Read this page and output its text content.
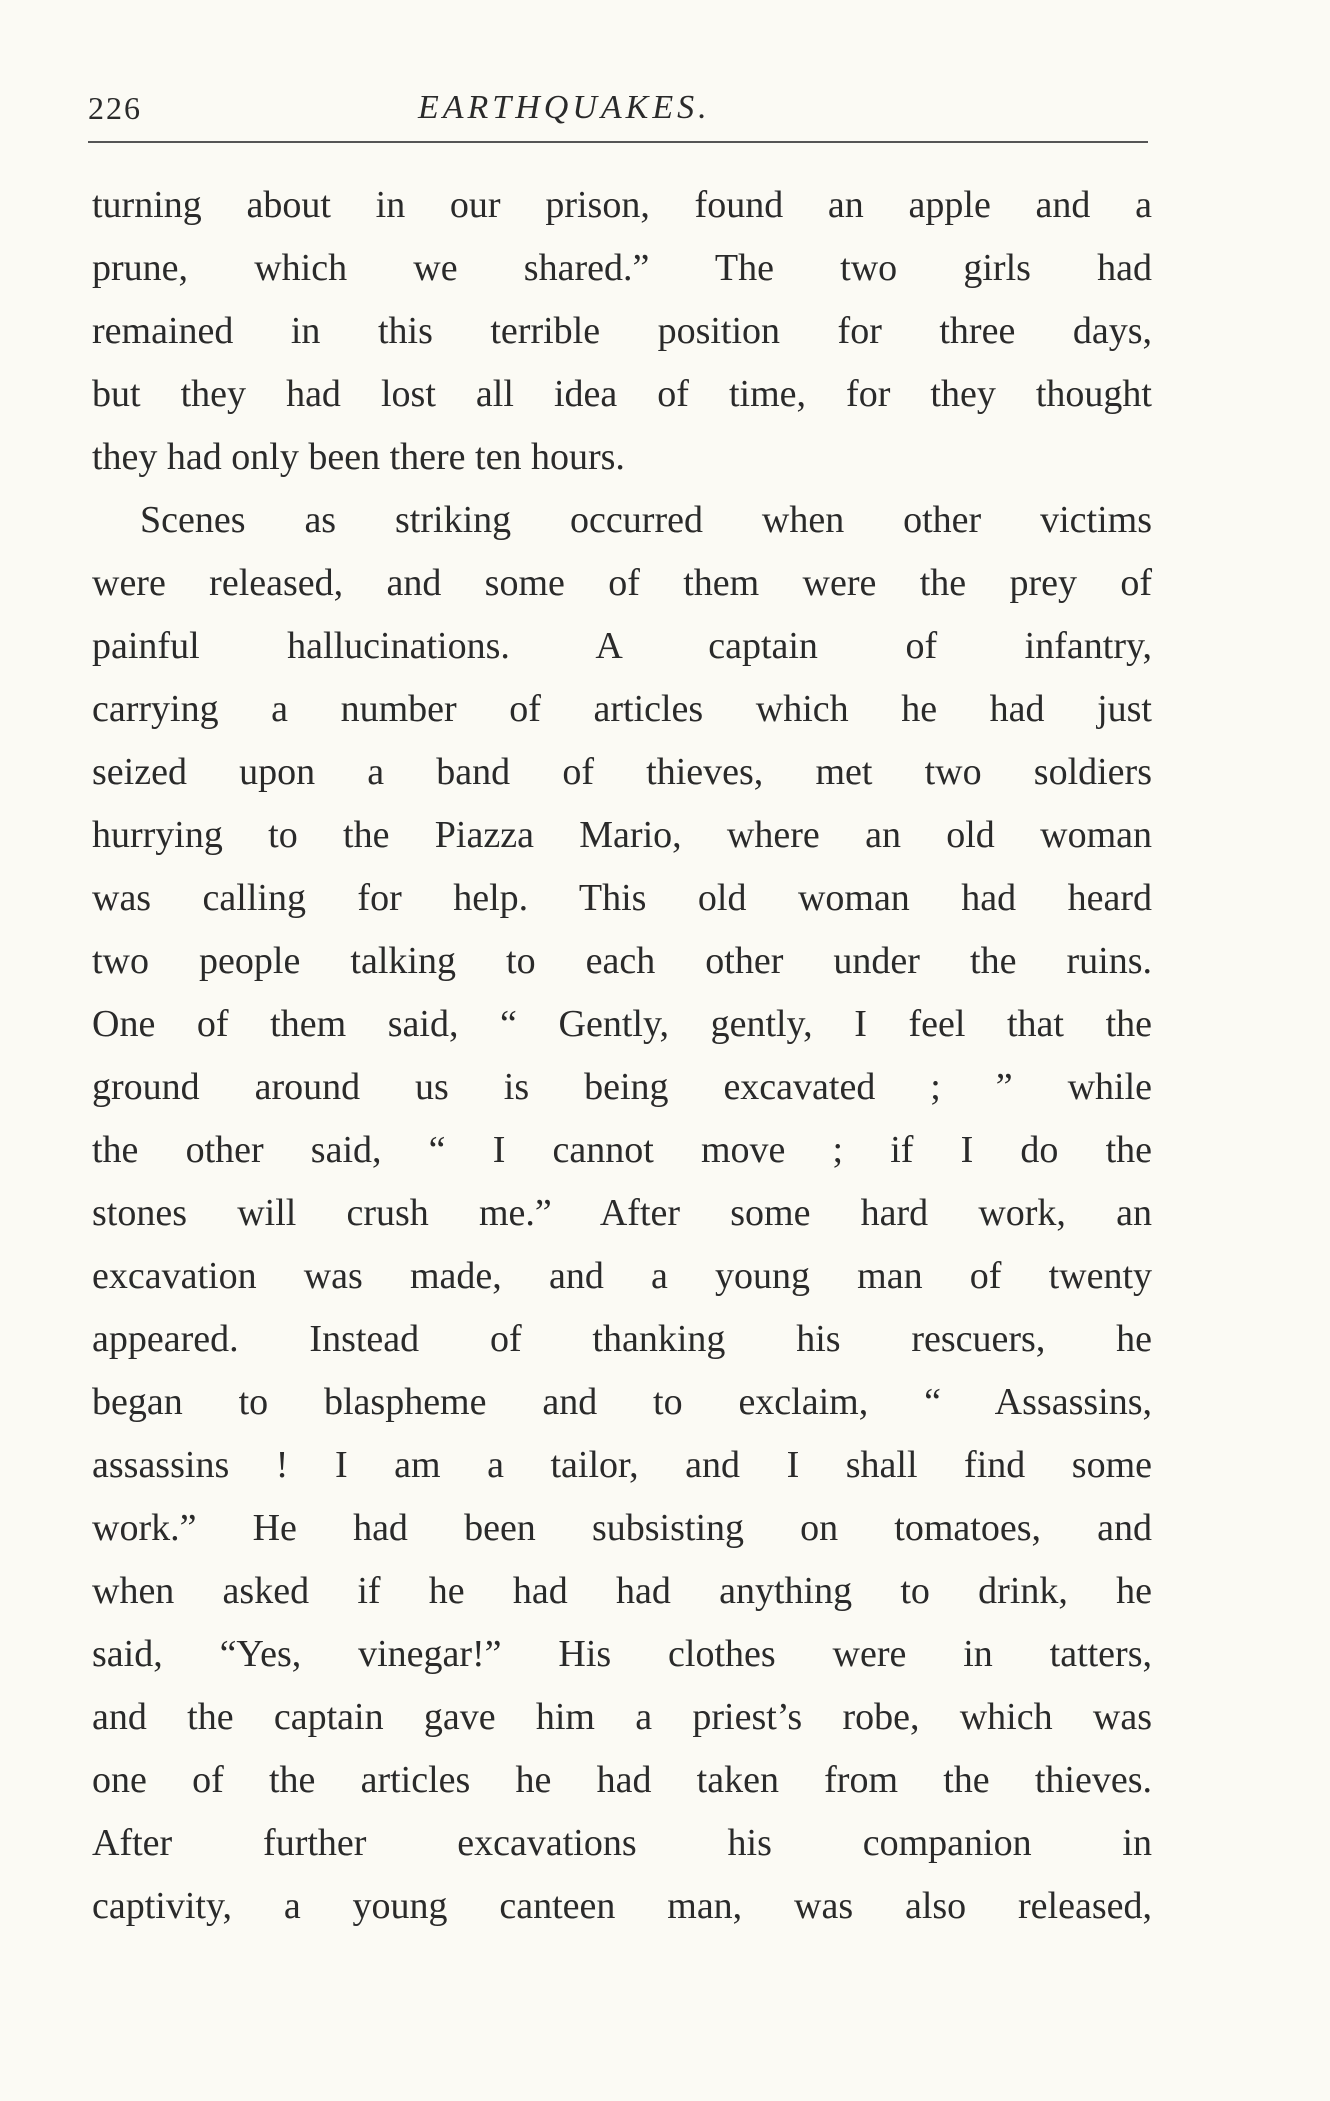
226	EARTHQUAKES.
turning about in our prison, found an apple and a
prune, which we shared.” The two girls had
remained in this terrible position for three days,
but they had lost all idea of time, for they thought
they had only been there ten hours.
Scenes as striking occurred when other victims
were released, and some of them were the prey of
painful hallucinations. A captain of infantry,
carrying a number of articles which he had just
seized upon a band of thieves, met two soldiers
hurrying to the Piazza Mario, where an old woman
was calling for help. This old woman had heard
two people talking to each other under the ruins.
One of them said, “ Gently, gently, I feel that the
ground around us is being excavated ; ” while
the other said, “ I cannot move ; if I do the
stones will crush me.” After some hard work, an
excavation was made, and a young man of twenty
appeared. Instead of thanking his rescuers, he
began to blaspheme and to exclaim, “ Assassins,
assassins ! I am a tailor, and I shall find some
work.” He had been subsisting on tomatoes, and
when asked if he had had anything to drink, he
said, “Yes, vinegar!” His clothes were in tatters,
and the captain gave him a priest’s robe, which was
one of the articles he had taken from the thieves.
After further excavations his companion in
captivity, a young canteen man, was also released,
